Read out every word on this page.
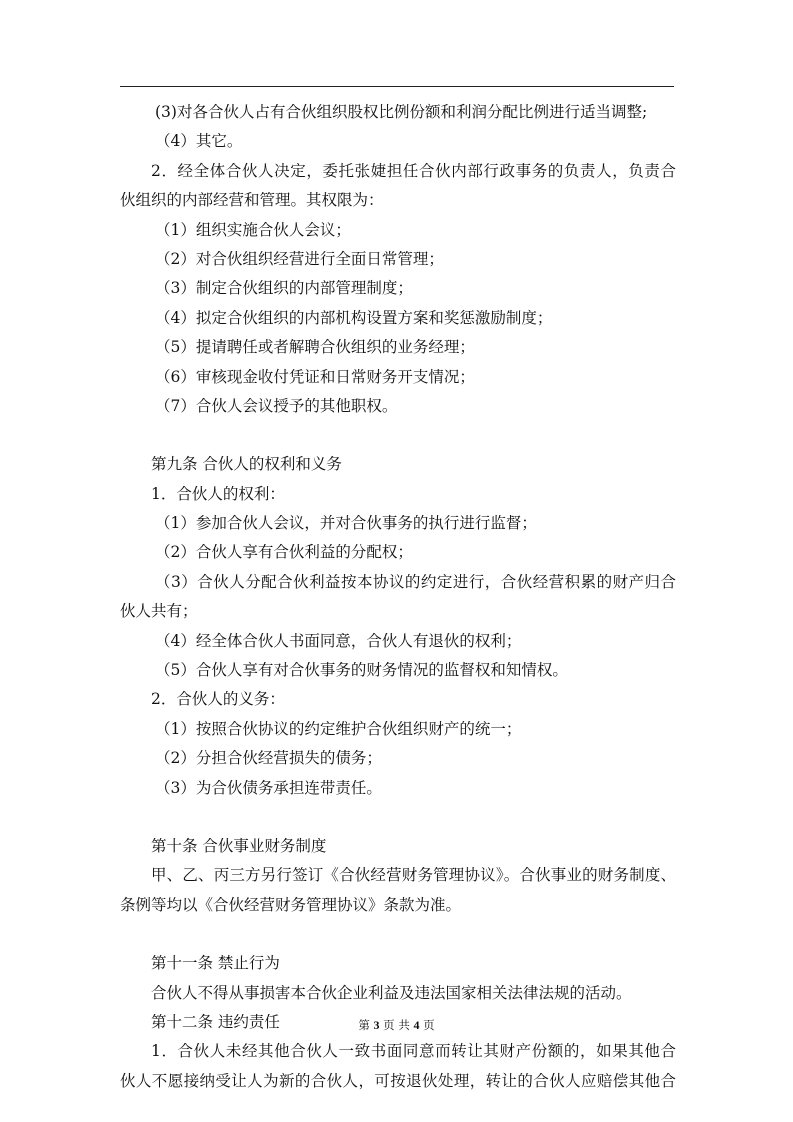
(3)对各合伙人占有合伙组织股权比例份额和利润分配比例进行适当调整;
（4）其它。
2．经全体合伙人决定，委托张婕担任合伙内部行政事务的负责人，负责合
伙组织的内部经营和管理。其权限为：
（1）组织实施合伙人会议；
（2）对合伙组织经营进行全面日常管理；
（3）制定合伙组织的内部管理制度；
（4）拟定合伙组织的内部机构设置方案和奖惩激励制度；
（5）提请聘任或者解聘合伙组织的业务经理；
（6）审核现金收付凭证和日常财务开支情况；
（7）合伙人会议授予的其他职权。
第九条 合伙人的权利和义务
1．合伙人的权利：
（1）参加合伙人会议，并对合伙事务的执行进行监督；
（2）合伙人享有合伙利益的分配权；
（3）合伙人分配合伙利益按本协议的约定进行，合伙经营积累的财产归合
伙人共有；
（4）经全体合伙人书面同意，合伙人有退伙的权利；
（5）合伙人享有对合伙事务的财务情况的监督权和知情权。
2．合伙人的义务：
（1）按照合伙协议的约定维护合伙组织财产的统一；
（2）分担合伙经营损失的债务；
（3）为合伙债务承担连带责任。
第十条 合伙事业财务制度
甲、乙、丙三方另行签订《合伙经营财务管理协议》。合伙事业的财务制度、
条例等均以《合伙经营财务管理协议》条款为准。
第十一条 禁止行为
合伙人不得从事损害本合伙企业利益及违法国家相关法律法规的活动。
第十二条 违约责任
1．合伙人未经其他合伙人一致书面同意而转让其财产份额的，如果其他合
伙人不愿接纳受让人为新的合伙人，可按退伙处理，转让的合伙人应赔偿其他合
第 3 页 共 4 页
